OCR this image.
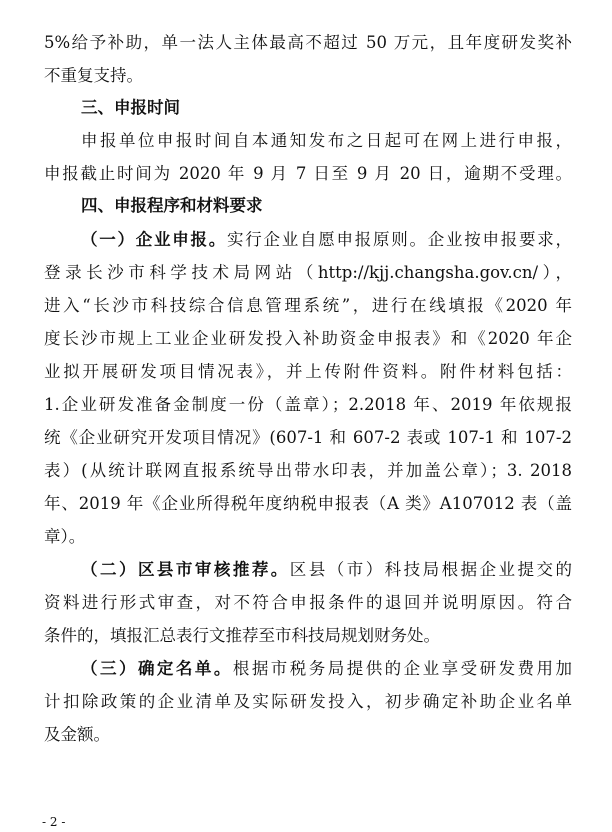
5%给予补助，单一法人主体最高不超过 50 万元，且年度研发奖补
不重复支持。
三、申报时间
申报单位申报时间自本通知发布之日起可在网上进行申报，
申报截止时间为 2020 年 9 月 7 日至 9 月 20 日，逾期不受理。
四、申报程序和材料要求
（一）企业申报。实行企业自愿申报原则。企业按申报要求，
登录长沙市科学技术局网站（http://kjj.changsha.gov.cn/），
进入“长沙市科技综合信息管理系统”，进行在线填报《2020 年
度长沙市规上工业企业研发投入补助资金申报表》和《2020 年企
业拟开展研发项目情况表》，并上传附件资料。附件材料包括：
1.企业研发准备金制度一份（盖章）；2.2018 年、2019 年依规报
统《企业研究开发项目情况》(607-1 和 607-2 表或 107-1 和 107-2
表）(从统计联网直报系统导出带水印表，并加盖公章）；3. 2018
年、2019 年《企业所得税年度纳税申报表（A 类》A107012 表（盖
章）。
（二）区县市审核推荐。区县（市）科技局根据企业提交的
资料进行形式审查，对不符合申报条件的退回并说明原因。符合
条件的，填报汇总表行文推荐至市科技局规划财务处。
（三）确定名单。根据市税务局提供的企业享受研发费用加
计扣除政策的企业清单及实际研发投入，初步确定补助企业名单
及金额。
- 2 -
